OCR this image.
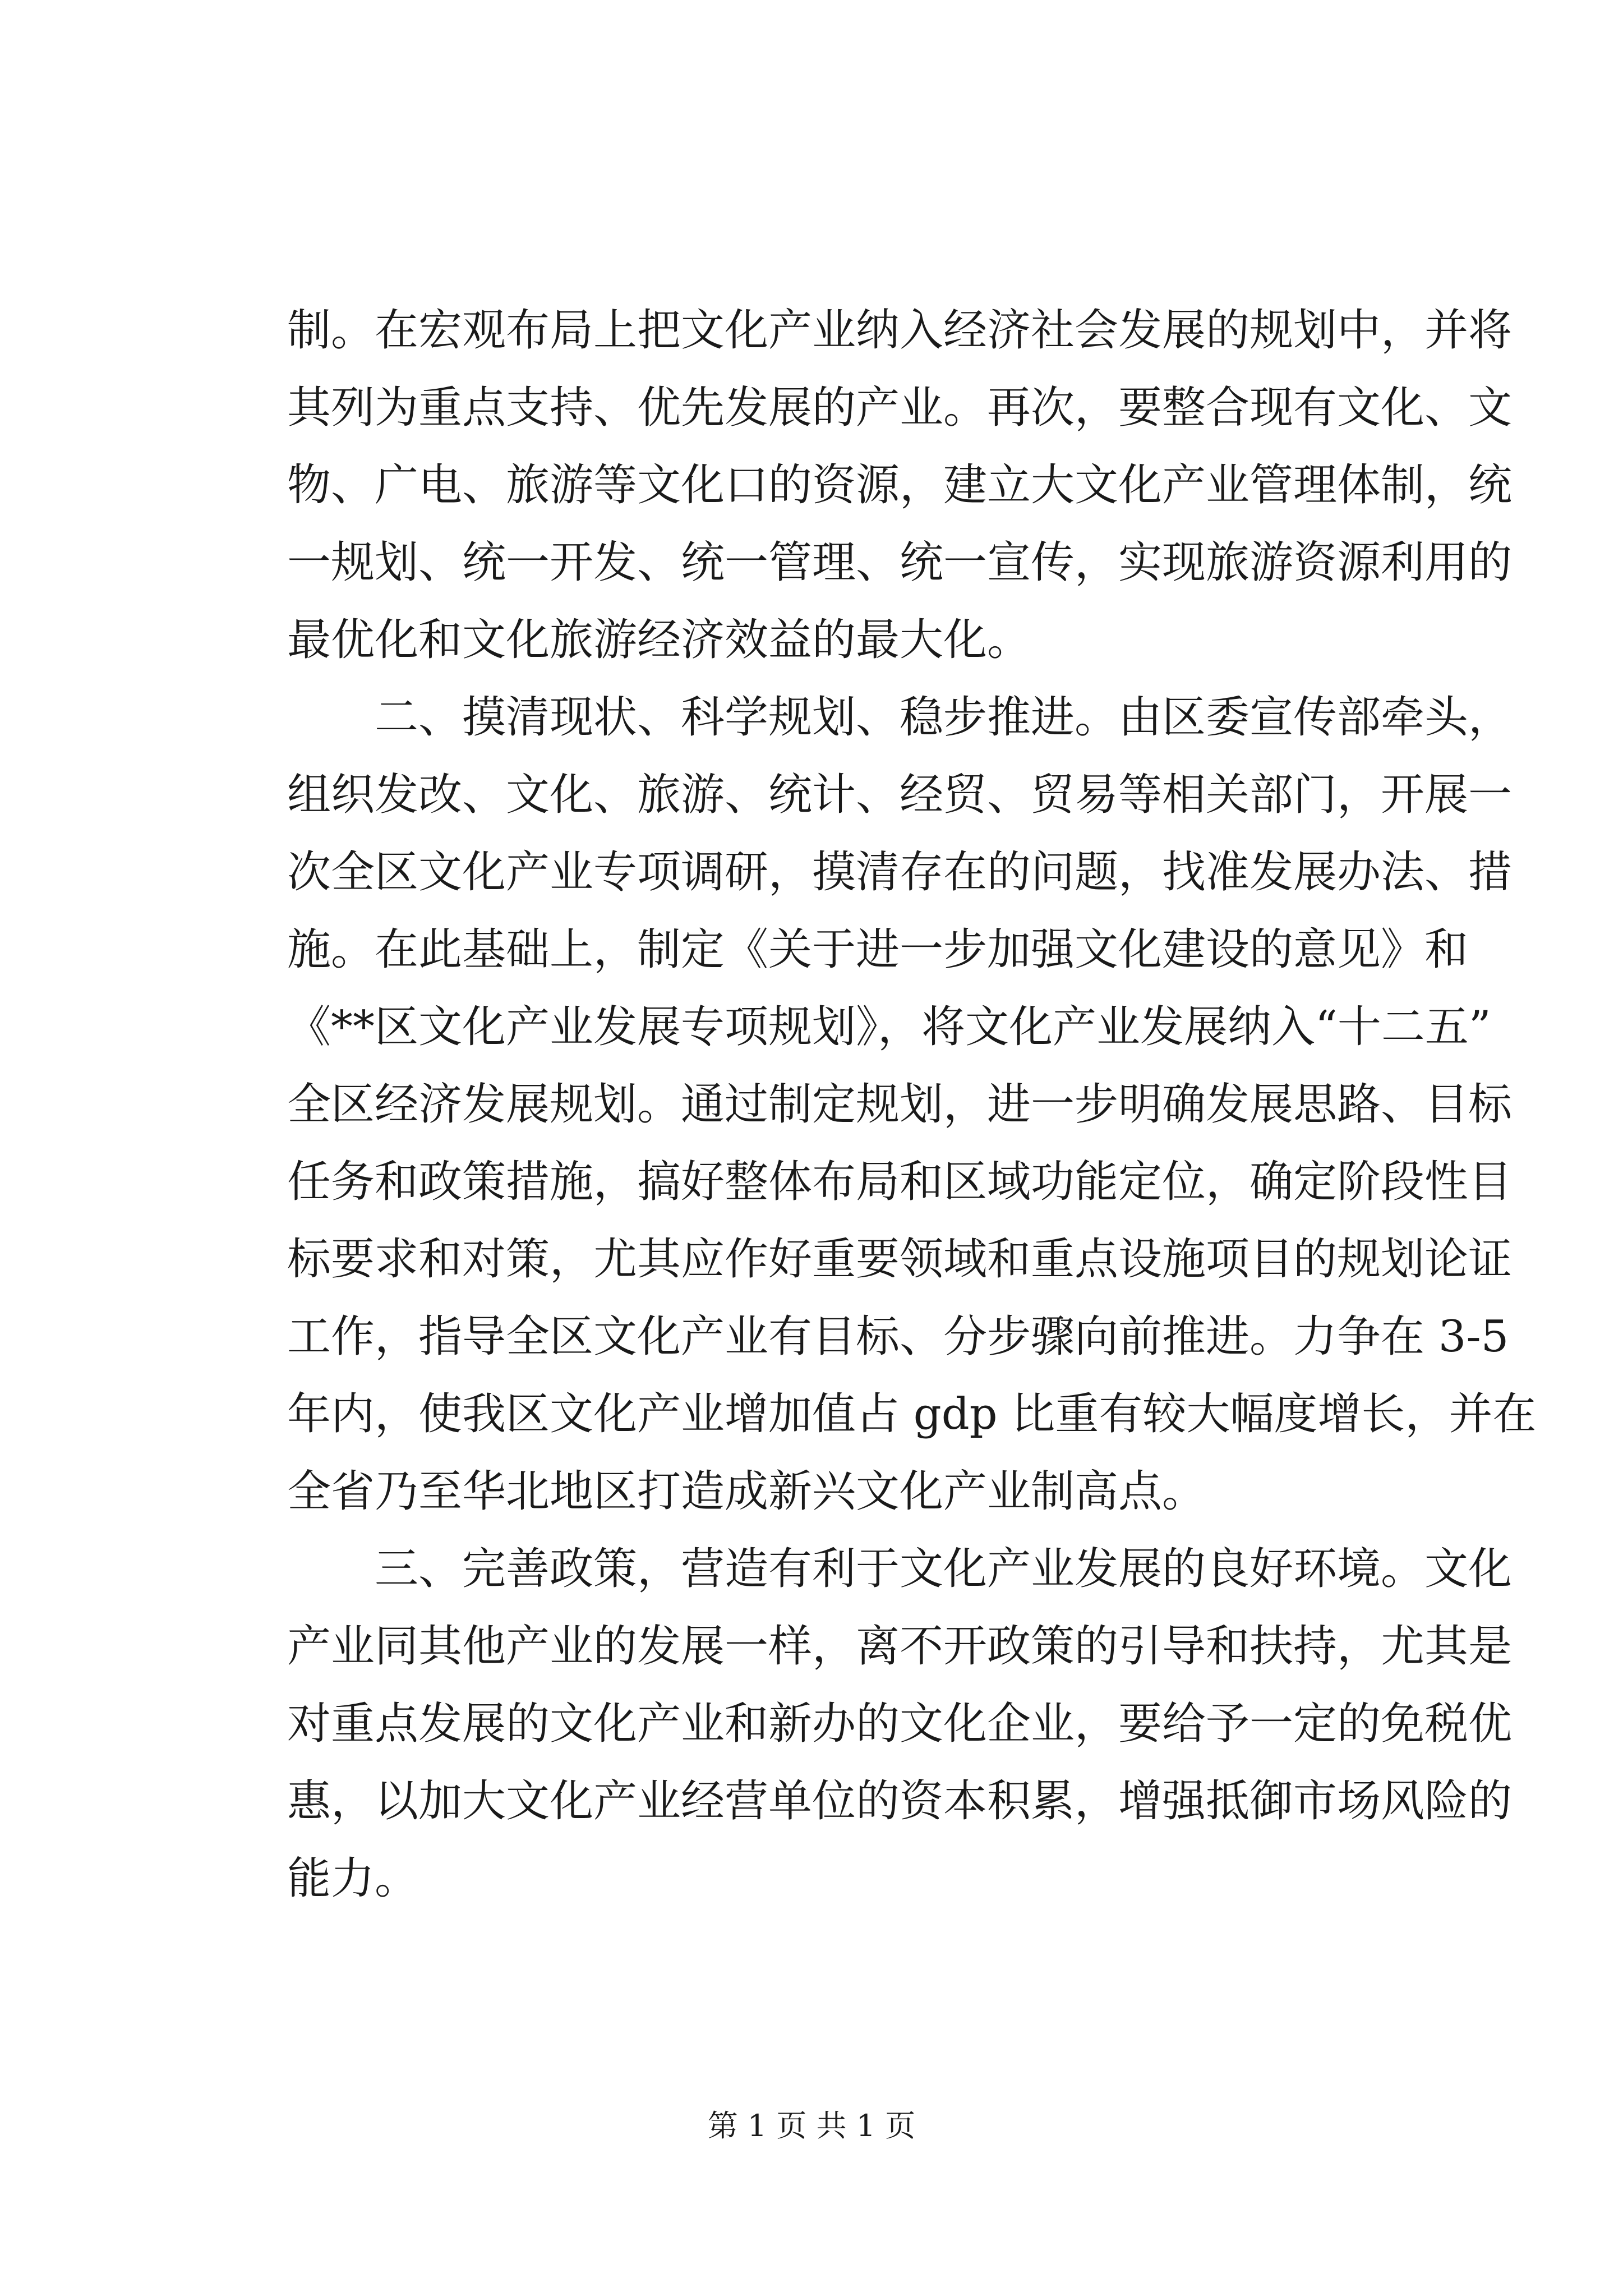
制。在宏观布局上把文化产业纳入经济社会发展的规划中，并将
其列为重点支持、优先发展的产业。再次，要整合现有文化、文
物、广电、旅游等文化口的资源，建立大文化产业管理体制，统
一规划、统一开发、统一管理、统一宣传，实现旅游资源利用的
最优化和文化旅游经济效益的最大化。
二、摸清现状、科学规划、稳步推进。由区委宣传部牵头，
组织发改、文化、旅游、统计、经贸、贸易等相关部门，开展一
次全区文化产业专项调研，摸清存在的问题，找准发展办法、措
施。在此基础上，制定《关于进一步加强文化建设的意见》和
《**区文化产业发展专项规划》，将文化产业发展纳入“十二五”
全区经济发展规划。通过制定规划，进一步明确发展思路、目标
任务和政策措施，搞好整体布局和区域功能定位，确定阶段性目
标要求和对策，尤其应作好重要领域和重点设施项目的规划论证
工作，指导全区文化产业有目标、分步骤向前推进。力争在 3-5
年内，使我区文化产业增加值占 gdp 比重有较大幅度增长，并在
全省乃至华北地区打造成新兴文化产业制高点。
三、完善政策，营造有利于文化产业发展的良好环境。文化
产业同其他产业的发展一样，离不开政策的引导和扶持，尤其是
对重点发展的文化产业和新办的文化企业，要给予一定的免税优
惠，以加大文化产业经营单位的资本积累，增强抵御市场风险的
能力。
第 1 页 共 1 页
